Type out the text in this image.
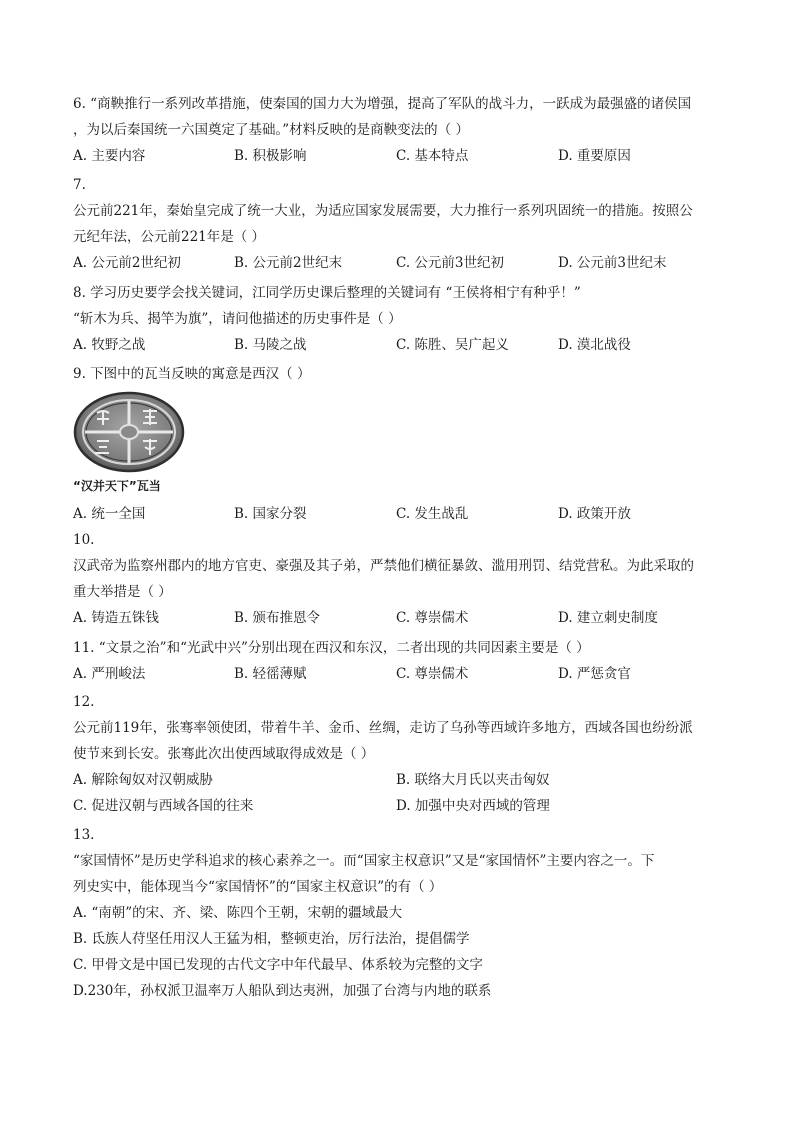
6. “商鞅推行一系列改革措施，使秦国的国力大为增强，提高了军队的战斗力，一跃成为最强盛的诸侯国
，为以后秦国统一六国奠定了基础。”材料反映的是商鞅变法的（ ）
A. 主要内容	B. 积极影响	C. 基本特点	D. 重要原因
7.
公元前221年，秦始皇完成了统一大业，为适应国家发展需要，大力推行一系列巩固统一的措施。按照公
元纪年法，公元前221年是（ ）
A. 公元前2世纪初	B. 公元前2世纪末	C. 公元前3世纪初	D. 公元前3世纪末
8. 学习历史要学会找关键词，江同学历史课后整理的关键词有 “王侯将相宁有种乎！”
“斩木为兵、揭竿为旗”，请问他描述的历史事件是（ ）
A. 牧野之战	B. 马陵之战	C. 陈胜、吴广起义	D. 漠北战役
9. 下图中的瓦当反映的寓意是西汉（ ）
“汉并天下”瓦当
A. 统一全国	B. 国家分裂	C. 发生战乱	D. 政策开放
10.
汉武帝为监察州郡内的地方官吏、豪强及其子弟，严禁他们横征暴敛、滥用刑罚、结党营私。为此采取的
重大举措是（ ）
A. 铸造五铢钱	B. 颁布推恩令	C. 尊崇儒术	D. 建立刺史制度
11. “文景之治”和“光武中兴”分别出现在西汉和东汉，二者出现的共同因素主要是（ ）
A. 严刑峻法	B. 轻徭薄赋	C. 尊崇儒术	D. 严惩贪官
12.
公元前119年，张骞率领使团，带着牛羊、金币、丝绸，走访了乌孙等西域许多地方，西域各国也纷纷派
使节来到长安。张骞此次出使西域取得成效是（ ）
A. 解除匈奴对汉朝威胁	B. 联络大月氏以夹击匈奴
C. 促进汉朝与西域各国的往来	D. 加强中央对西域的管理
13.
“家国情怀”是历史学科追求的核心素养之一。而“国家主权意识”又是“家国情怀”主要内容之一。下
列史实中，能体现当今“家国情怀”的“国家主权意识”的有（ ）
A. “南朝”的宋、齐、梁、陈四个王朝，宋朝的疆域最大
B. 氐族人苻坚任用汉人王猛为相，整顿吏治，厉行法治，提倡儒学
C. 甲骨文是中国已发现的古代文字中年代最早、体系较为完整的文字
D.230年，孙权派卫温率万人船队到达夷洲，加强了台湾与内地的联系
